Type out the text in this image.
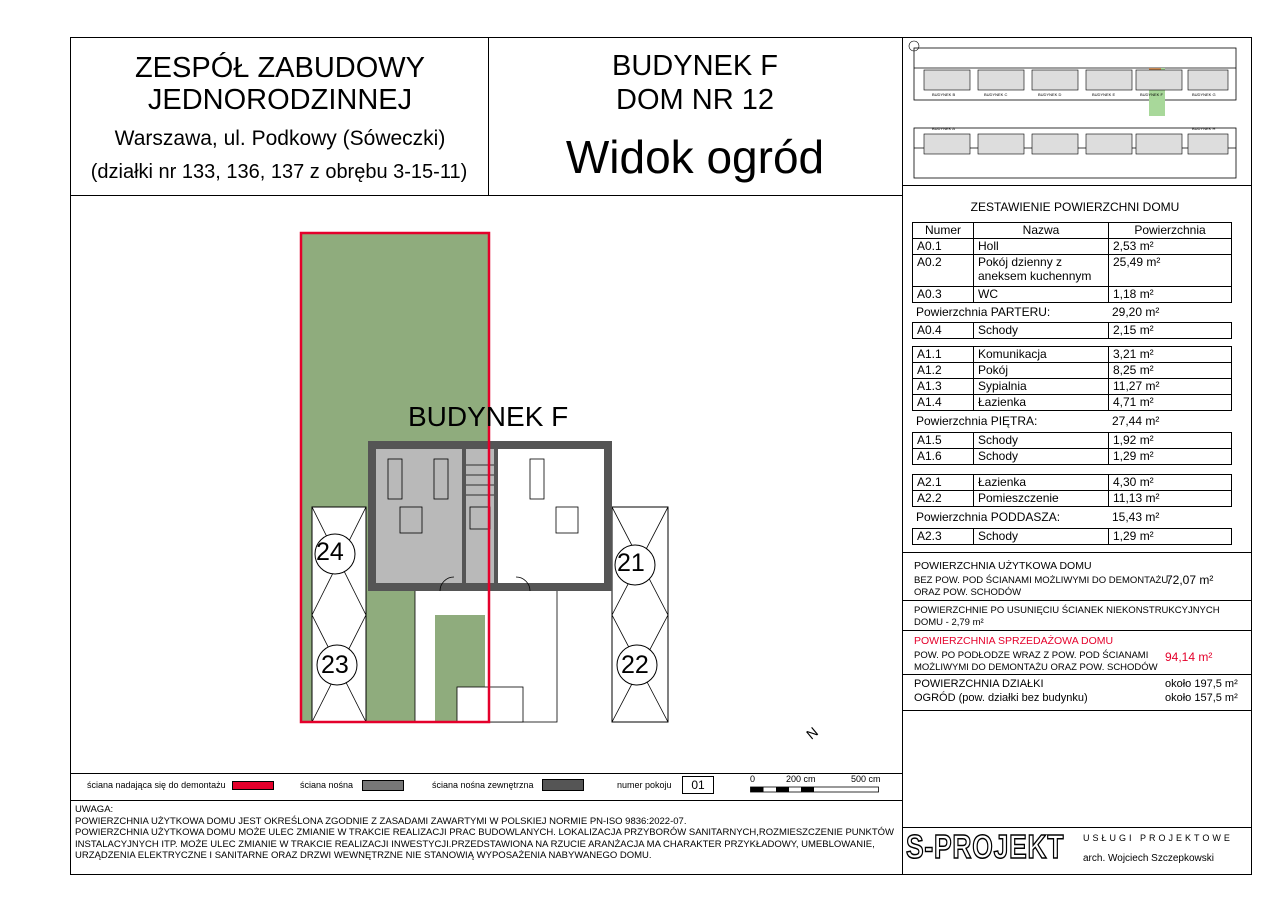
ZESPÓŁ ZABUDOWY
JEDNORODZINNEJ
Warszawa, ul. Podkowy (Sóweczki)
(działki nr 133, 136, 137 z obrębu 3-15-11)
BUDYNEK F
DOM NR 12
Widok ogród
BUDYNEK B	BUDYNEK C	BUDYNEK D	BUDYNEK E	BUDYNEK F	BUDYNEK G
BUDYNEK A	BUDYNEK H
BUDYNEK F
24	21
23	22
N
ZESTAWIENIE POWIERZCHNI DOMU
Numer	Nazwa	Powierzchnia
A0.1	Holl	2,53 m²
A0.2	Pokój dzienny z aneksem kuchennym	25,49 m²
A0.3	WC	1,18 m²
Powierzchnia PARTERU:	29,20 m²
A0.4	Schody	2,15 m²
A1.1	Komunikacja	3,21 m²
A1.2	Pokój	8,25 m²
A1.3	Sypialnia	11,27 m²
A1.4	Łazienka	4,71 m²
Powierzchnia PIĘTRA:	27,44 m²
A1.5	Schody	1,92 m²
A1.6	Schody	1,29 m²
A2.1	Łazienka	4,30 m²
A2.2	Pomieszczenie	11,13 m²
Powierzchnia PODDASZA:	15,43 m²
A2.3	Schody	1,29 m²
POWIERZCHNIA UŻYTKOWA DOMU
BEZ POW. POD ŚCIANAMI MOŻLIWYMI DO DEMONTAŻU
ORAZ POW. SCHODÓW
72,07 m²
POWIERZCHNIE PO USUNIĘCIU ŚCIANEK NIEKONSTRUKCYJNYCH
DOMU - 2,79 m²
POWIERZCHNIA SPRZEDAŻOWA DOMU
POW. PO PODŁODZE WRAZ Z POW. POD ŚCIANAMI
MOŻLIWYMI DO DEMONTAŻU ORAZ POW. SCHODÓW
94,14 m²
POWIERZCHNIA DZIAŁKI	około 197,5 m²
OGRÓD (pow. działki bez budynku)	około 157,5 m²
ściana nadająca się do demontażu	ściana nośna	ściana nośna zewnętrzna	numer pokoju	01	0	200 cm	500 cm
UWAGA:
POWIERZCHNIA UŻYTKOWA DOMU JEST OKREŚLONA ZGODNIE Z ZASADAMI ZAWARTYMI W POLSKIEJ NORMIE PN-ISO 9836:2022-07.
POWIERZCHNIA UŻYTKOWA DOMU MOŻE ULEC ZMIANIE W TRAKCIE REALIZACJI PRAC BUDOWLANYCH. LOKALIZACJA PRZYBORÓW SANITARNYCH,ROZMIESZCZENIE PUNKTÓW
INSTALACYJNYCH ITP. MOŻE ULEC ZMIANIE W TRAKCIE REALIZACJI INWESTYCJI.PRZEDSTAWIONA NA RZUCIE ARANŻACJA MA CHARAKTER PRZYKŁADOWY, UMEBLOWANIE,
URZĄDZENIA ELEKTRYCZNE I SANITARNE ORAZ DRZWI WEWNĘTRZNE NIE STANOWIĄ WYPOSAŻENIA NABYWANEGO DOMU.	S-PROJEKT USŁUGI PROJEKTOWE
arch. Wojciech Szczepkowski
